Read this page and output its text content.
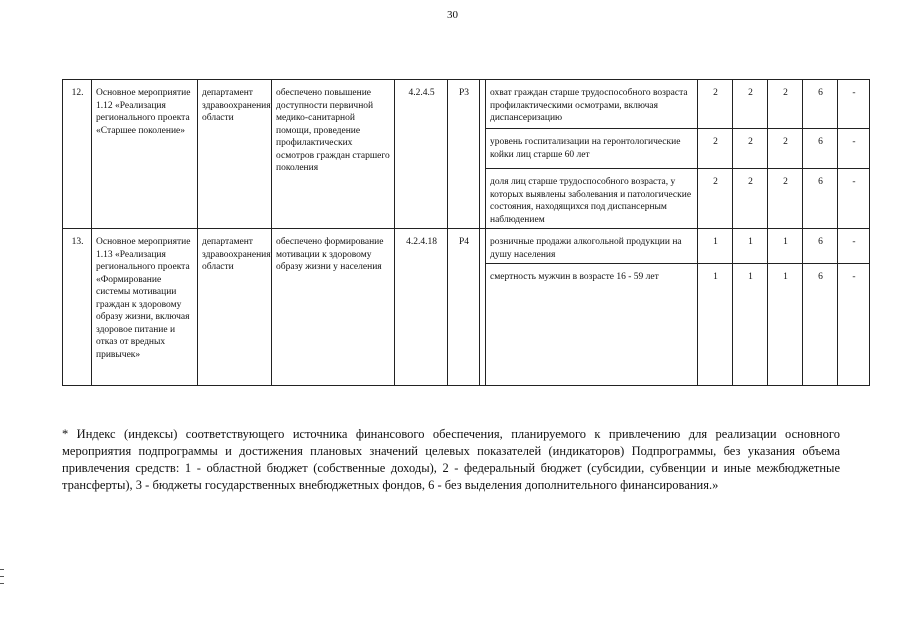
30
12.	Основное мероприятие 1.12 «Реализация регионального проекта «Старшее поколение»	департамент здравоохранения области	обеспечено повышение доступности первичной медико-санитарной помощи, проведение профилактических осмотров граждан старшего поколения	4.2.4.5	Р3		охват граждан старше трудоспособного возраста профилактическими осмотрами, включая диспансеризацию	2	2	2	6	-
							уровень госпитализации на геронтологические койки лиц старше 60 лет	2	2	2	6	-
							доля лиц старше трудоспособного возраста, у которых выявлены заболевания и патологические состояния, находящихся под диспансерным наблюдением	2	2	2	6	-
13.	Основное мероприятие 1.13 «Реализация регионального проекта «Формирование системы мотивации граждан к здоровому образу жизни, включая здоровое питание и отказ от вредных привычек»	департамент здравоохранения области	обеспечено формирование мотивации к здоровому образу жизни у населения	4.2.4.18	Р4		розничные продажи алкогольной продукции на душу населения	1	1	1	6	-
							смертность мужчин в возрасте 16 - 59 лет	1	1	1	6	-
* Индекс (индексы) соответствующего источника финансового обеспечения, планируемого к привлечению для реализации основного мероприятия подпрограммы и достижения плановых значений целевых показателей (индикаторов) Подпрограммы, без указания объема привлечения средств: 1 - областной бюджет (собственные доходы), 2 - федеральный бюджет (субсидии, субвенции и иные межбюджетные трансферты), 3 - бюджеты государственных внебюджетных фондов, 6 - без выделения дополнительного финансирования.»
